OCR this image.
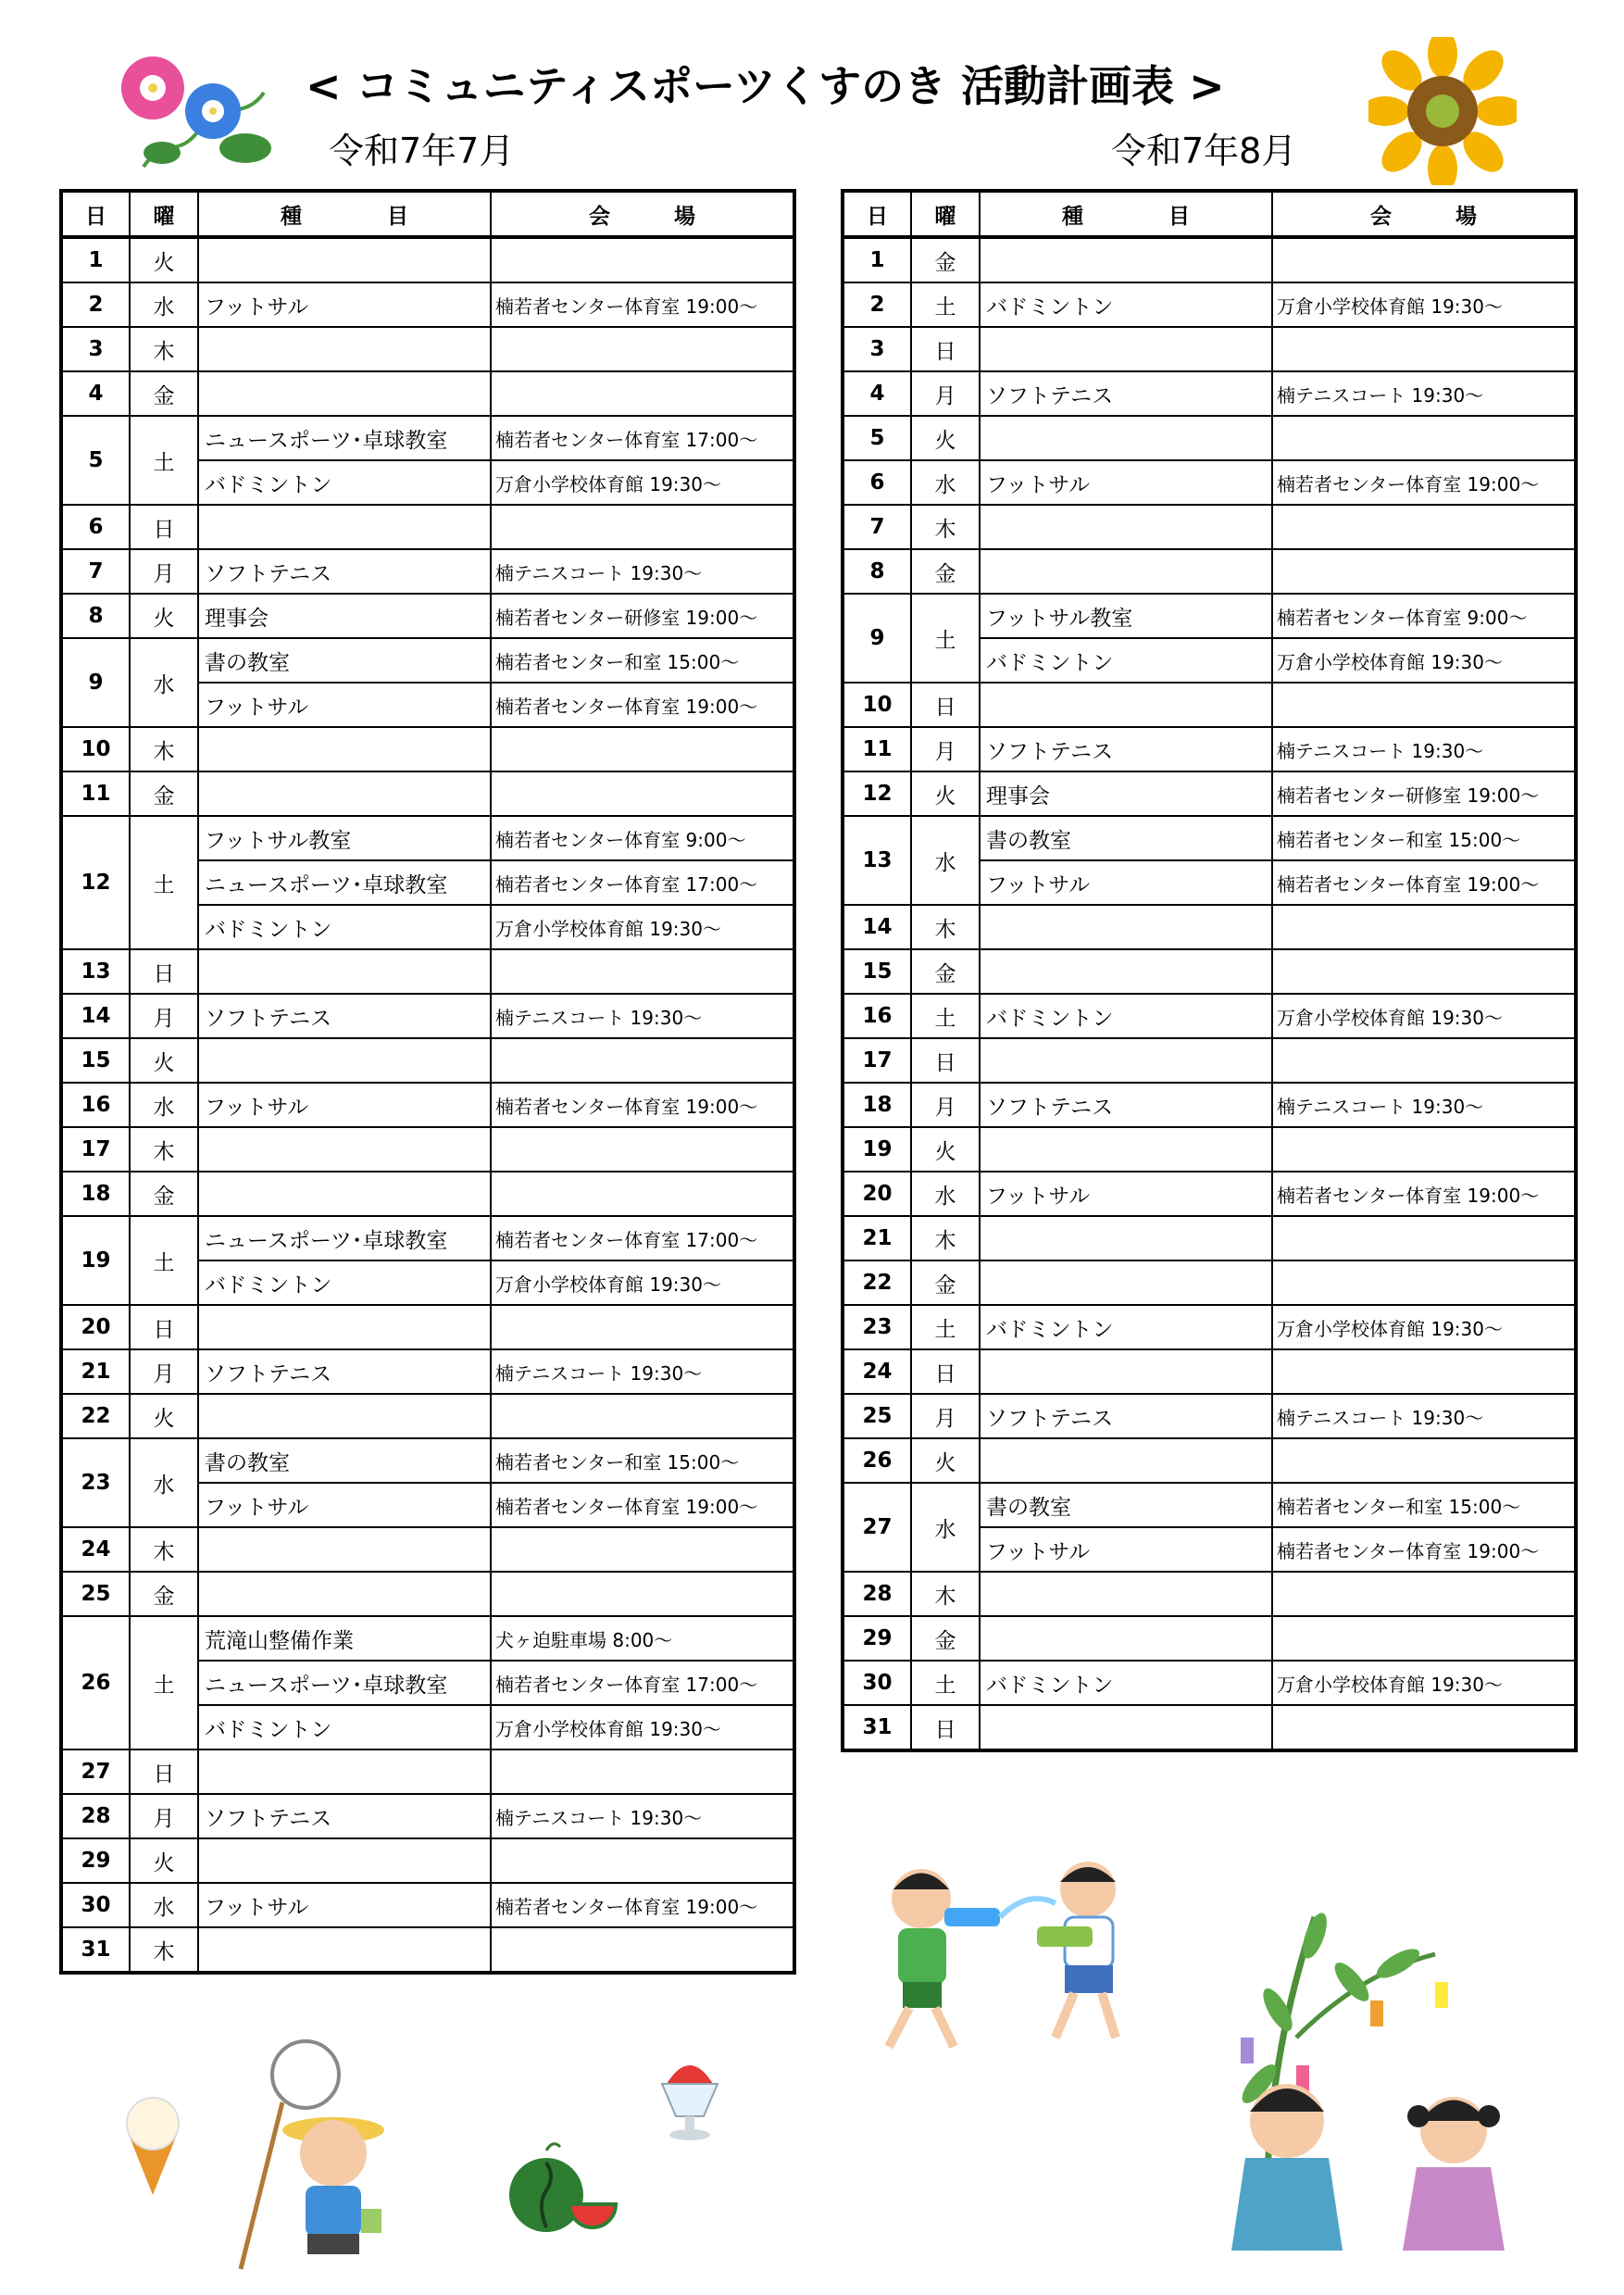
< コミュニティスポーツくすのき 活動計画表 >
令和7年7月	令和7年8月
日	曜	種　　　　目	会　　　場
1	火		
2	水	フットサル	楠若者センター体育室 19:00〜
3	木		
4	金		
5	土	ニュースポーツ･卓球教室	楠若者センター体育室 17:00〜
		バドミントン	万倉小学校体育館 19:30〜
6	日		
7	月	ソフトテニス	楠テニスコート 19:30〜
8	火	理事会	楠若者センター研修室 19:00〜
9	水	書の教室	楠若者センター和室 15:00〜
		フットサル	楠若者センター体育室 19:00〜
10	木		
11	金		
12	土	フットサル教室	楠若者センター体育室 9:00〜
		ニュースポーツ･卓球教室	楠若者センター体育室 17:00〜
		バドミントン	万倉小学校体育館 19:30〜
13	日		
14	月	ソフトテニス	楠テニスコート 19:30〜
15	火		
16	水	フットサル	楠若者センター体育室 19:00〜
17	木		
18	金		
19	土	ニュースポーツ･卓球教室	楠若者センター体育室 17:00〜
		バドミントン	万倉小学校体育館 19:30〜
20	日		
21	月	ソフトテニス	楠テニスコート 19:30〜
22	火		
23	水	書の教室	楠若者センター和室 15:00〜
		フットサル	楠若者センター体育室 19:00〜
24	木		
25	金		
26	土	荒滝山整備作業	犬ヶ迫駐車場 8:00〜
		ニュースポーツ･卓球教室	楠若者センター体育室 17:00〜
		バドミントン	万倉小学校体育館 19:30〜
27	日		
28	月	ソフトテニス	楠テニスコート 19:30〜
29	火		
30	水	フットサル	楠若者センター体育室 19:00〜
31	木		
日	曜	種　　　　目	会　　　場
1	金		
2	土	バドミントン	万倉小学校体育館 19:30〜
3	日		
4	月	ソフトテニス	楠テニスコート 19:30〜
5	火		
6	水	フットサル	楠若者センター体育室 19:00〜
7	木		
8	金		
9	土	フットサル教室	楠若者センター体育室 9:00〜
		バドミントン	万倉小学校体育館 19:30〜
10	日		
11	月	ソフトテニス	楠テニスコート 19:30〜
12	火	理事会	楠若者センター研修室 19:00〜
13	水	書の教室	楠若者センター和室 15:00〜
		フットサル	楠若者センター体育室 19:00〜
14	木		
15	金		
16	土	バドミントン	万倉小学校体育館 19:30〜
17	日		
18	月	ソフトテニス	楠テニスコート 19:30〜
19	火		
20	水	フットサル	楠若者センター体育室 19:00〜
21	木		
22	金		
23	土	バドミントン	万倉小学校体育館 19:30〜
24	日		
25	月	ソフトテニス	楠テニスコート 19:30〜
26	火		
27	水	書の教室	楠若者センター和室 15:00〜
		フットサル	楠若者センター体育室 19:00〜
28	木		
29	金		
30	土	バドミントン	万倉小学校体育館 19:30〜
31	日		
